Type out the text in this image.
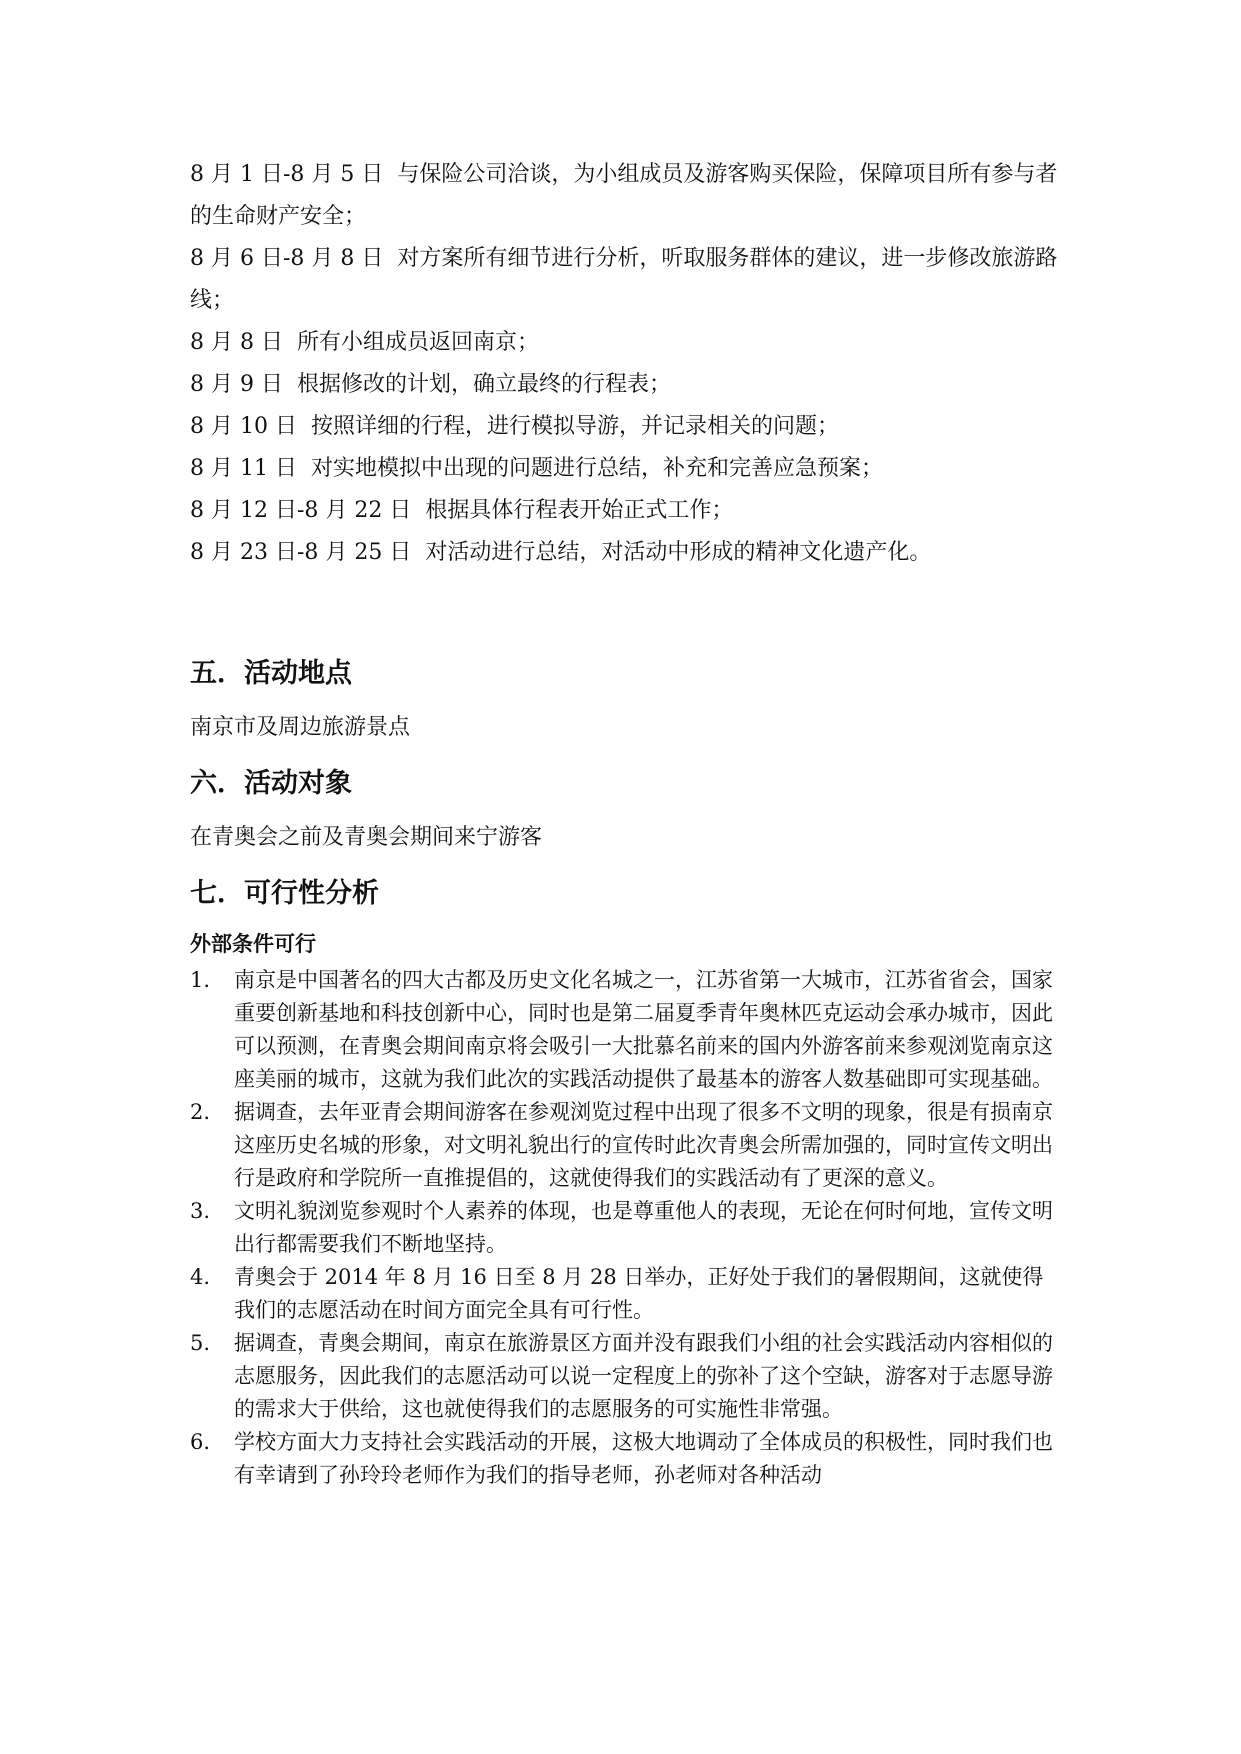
8 月 1 日-8 月 5 日 与保险公司洽谈，为小组成员及游客购买保险，保障项目所有参与者的生命财产安全；

8 月 6 日-8 月 8 日 对方案所有细节进行分析，听取服务群体的建议，进一步修改旅游路线；

8 月 8 日 所有小组成员返回南京；

8 月 9 日 根据修改的计划，确立最终的行程表；

8 月 10 日 按照详细的行程，进行模拟导游，并记录相关的问题；

8 月 11 日 对实地模拟中出现的问题进行总结，补充和完善应急预案；

8 月 12 日-8 月 22 日 根据具体行程表开始正式工作；

8 月 23 日-8 月 25 日 对活动进行总结，对活动中形成的精神文化遗产化。

五．活动地点

南京市及周边旅游景点

六．活动对象

在青奥会之前及青奥会期间来宁游客

七．可行性分析
外部条件可行
1. 南京是中国著名的四大古都及历史文化名城之一，江苏省第一大城市，江苏省省会，国家重要创新基地和科技创新中心，同时也是第二届夏季青年奥林匹克运动会承办城市，因此可以预测，在青奥会期间南京将会吸引一大批慕名前来的国内外游客前来参观浏览南京这座美丽的城市，这就为我们此次的实践活动提供了最基本的游客人数基础即可实现基础。
2. 据调查，去年亚青会期间游客在参观浏览过程中出现了很多不文明的现象，很是有损南京这座历史名城的形象，对文明礼貌出行的宣传时此次青奥会所需加强的，同时宣传文明出行是政府和学院所一直推提倡的，这就使得我们的实践活动有了更深的意义。
3. 文明礼貌浏览参观时个人素养的体现，也是尊重他人的表现，无论在何时何地，宣传文明出行都需要我们不断地坚持。
4. 青奥会于 2014 年 8 月 16 日至 8 月 28 日举办，正好处于我们的暑假期间，这就使得我们的志愿活动在时间方面完全具有可行性。
5. 据调查，青奥会期间，南京在旅游景区方面并没有跟我们小组的社会实践活动内容相似的志愿服务，因此我们的志愿活动可以说一定程度上的弥补了这个空缺，游客对于志愿导游的需求大于供给，这也就使得我们的志愿服务的可实施性非常强。
6. 学校方面大力支持社会实践活动的开展，这极大地调动了全体成员的积极性，同时我们也有幸请到了孙玲玲老师作为我们的指导老师，孙老师对各种活动
